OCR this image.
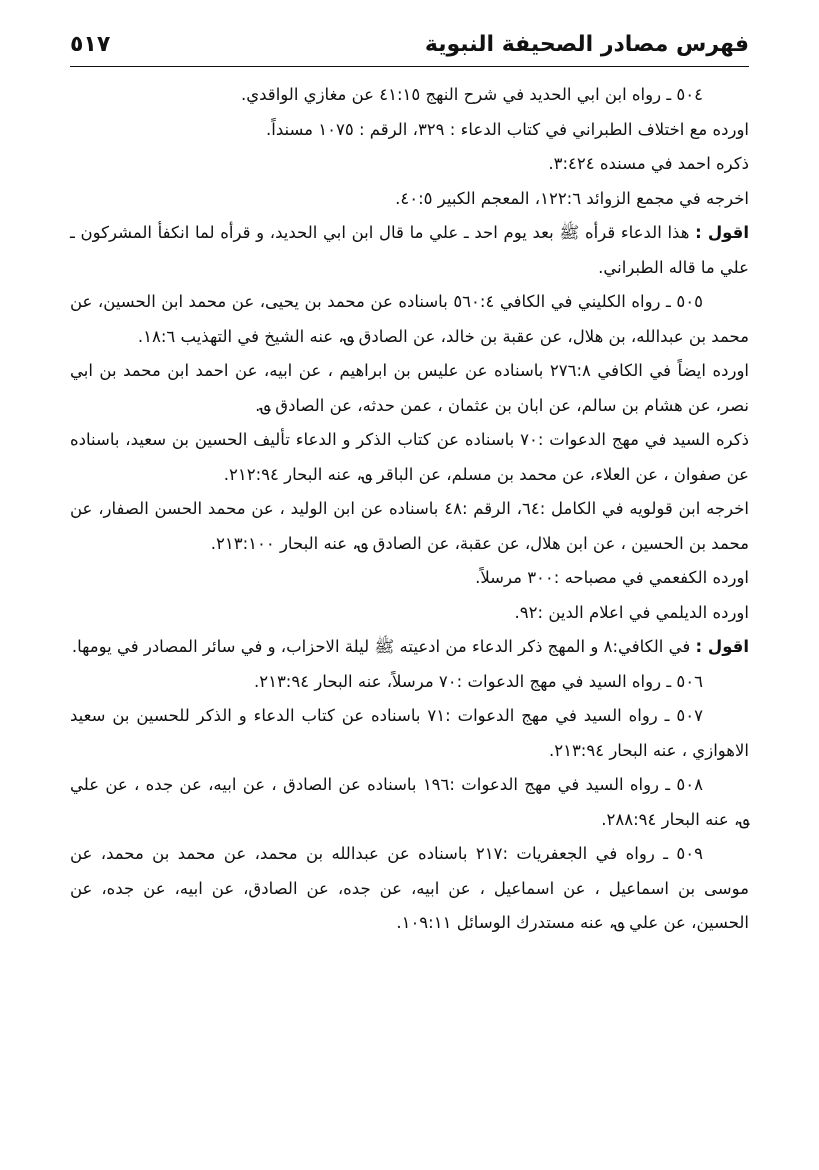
فهرس مصادر الصحيفة النبوية
٥١٧

٥٠٤ ـ رواه ابن ابي الحديد في شرح النهج ٤١:١٥ عن مغازي الواقدي.

اورده مع اختلاف الطبراني في كتاب الدعاء : ٣٢٩، الرقم : ١٠٧٥ مسنداً.

ذكره احمد في مسنده ٣:٤٢٤.

اخرجه في مجمع الزوائد ١٢٢:٦، المعجم الكبير ٤٠:٥.

اقول : هذا الدعاء قرأه ﷺ بعد يوم احد ـ علي ما قال ابن ابي الحديد، و قرأه لما انكفأ المشركون ـ علي ما قاله الطبراني.

٥٠٥ ـ رواه الكليني في الكافي ٥٦٠:٤ باسناده عن محمد بن يحيى، عن محمد ابن الحسين، عن محمد بن عبدالله، بن هلال، عن عقبة بن خالد، عن الصادق ؈، عنه الشيخ في التهذيب ١٨:٦.

اورده ايضاً في الكافي ٢٧٦:٨ باسناده عن عليس بن ابراهيم ، عن ابيه، عن احمد ابن محمد بن ابي نصر، عن هشام بن سالم، عن ابان بن عثمان ، عمن حدثه، عن الصادق ؈.

ذكره السيد في مهج الدعوات :٧٠ باسناده عن كتاب الذكر و الدعاء تأليف الحسين بن سعيد، باسناده عن صفوان ، عن العلاء، عن محمد بن مسلم، عن الباقر ؈، عنه البحار ٢١٢:٩٤.

اخرجه ابن قولويه في الكامل :٦٤، الرقم :٤٨ باسناده عن ابن الوليد ، عن محمد الحسن الصفار، عن محمد بن الحسين ، عن ابن هلال، عن عقبة، عن الصادق ؈، عنه البحار ٢١٣:١٠٠.

اورده الكفعمي في مصباحه :٣٠٠ مرسلاً.

اورده الديلمي في اعلام الدين :٩٢.

اقول : في الكافي:٨ و المهج ذكر الدعاء من ادعيته ﷺ ليلة الاحزاب، و في سائر المصادر في يومها.

٥٠٦ ـ رواه السيد في مهج الدعوات :٧٠ مرسلاً، عنه البحار ٢١٣:٩٤.

٥٠٧ ـ رواه السيد في مهج الدعوات :٧١ باسناده عن كتاب الدعاء و الذكر للحسين بن سعيد الاهوازي ، عنه البحار ٢١٣:٩٤.

٥٠٨ ـ رواه السيد في مهج الدعوات :١٩٦ باسناده عن الصادق ، عن ابيه، عن جده ، عن علي ؈، عنه البحار ٢٨٨:٩٤.

٥٠٩ ـ رواه في الجعفريات :٢١٧ باسناده عن عبدالله بن محمد، عن محمد بن محمد، عن موسى بن اسماعيل ، عن اسماعيل ، عن ابيه، عن جده، عن الصادق، عن ابيه، عن جده، عن الحسين، عن علي ؈، عنه مستدرك الوسائل ١٠٩:١١.
